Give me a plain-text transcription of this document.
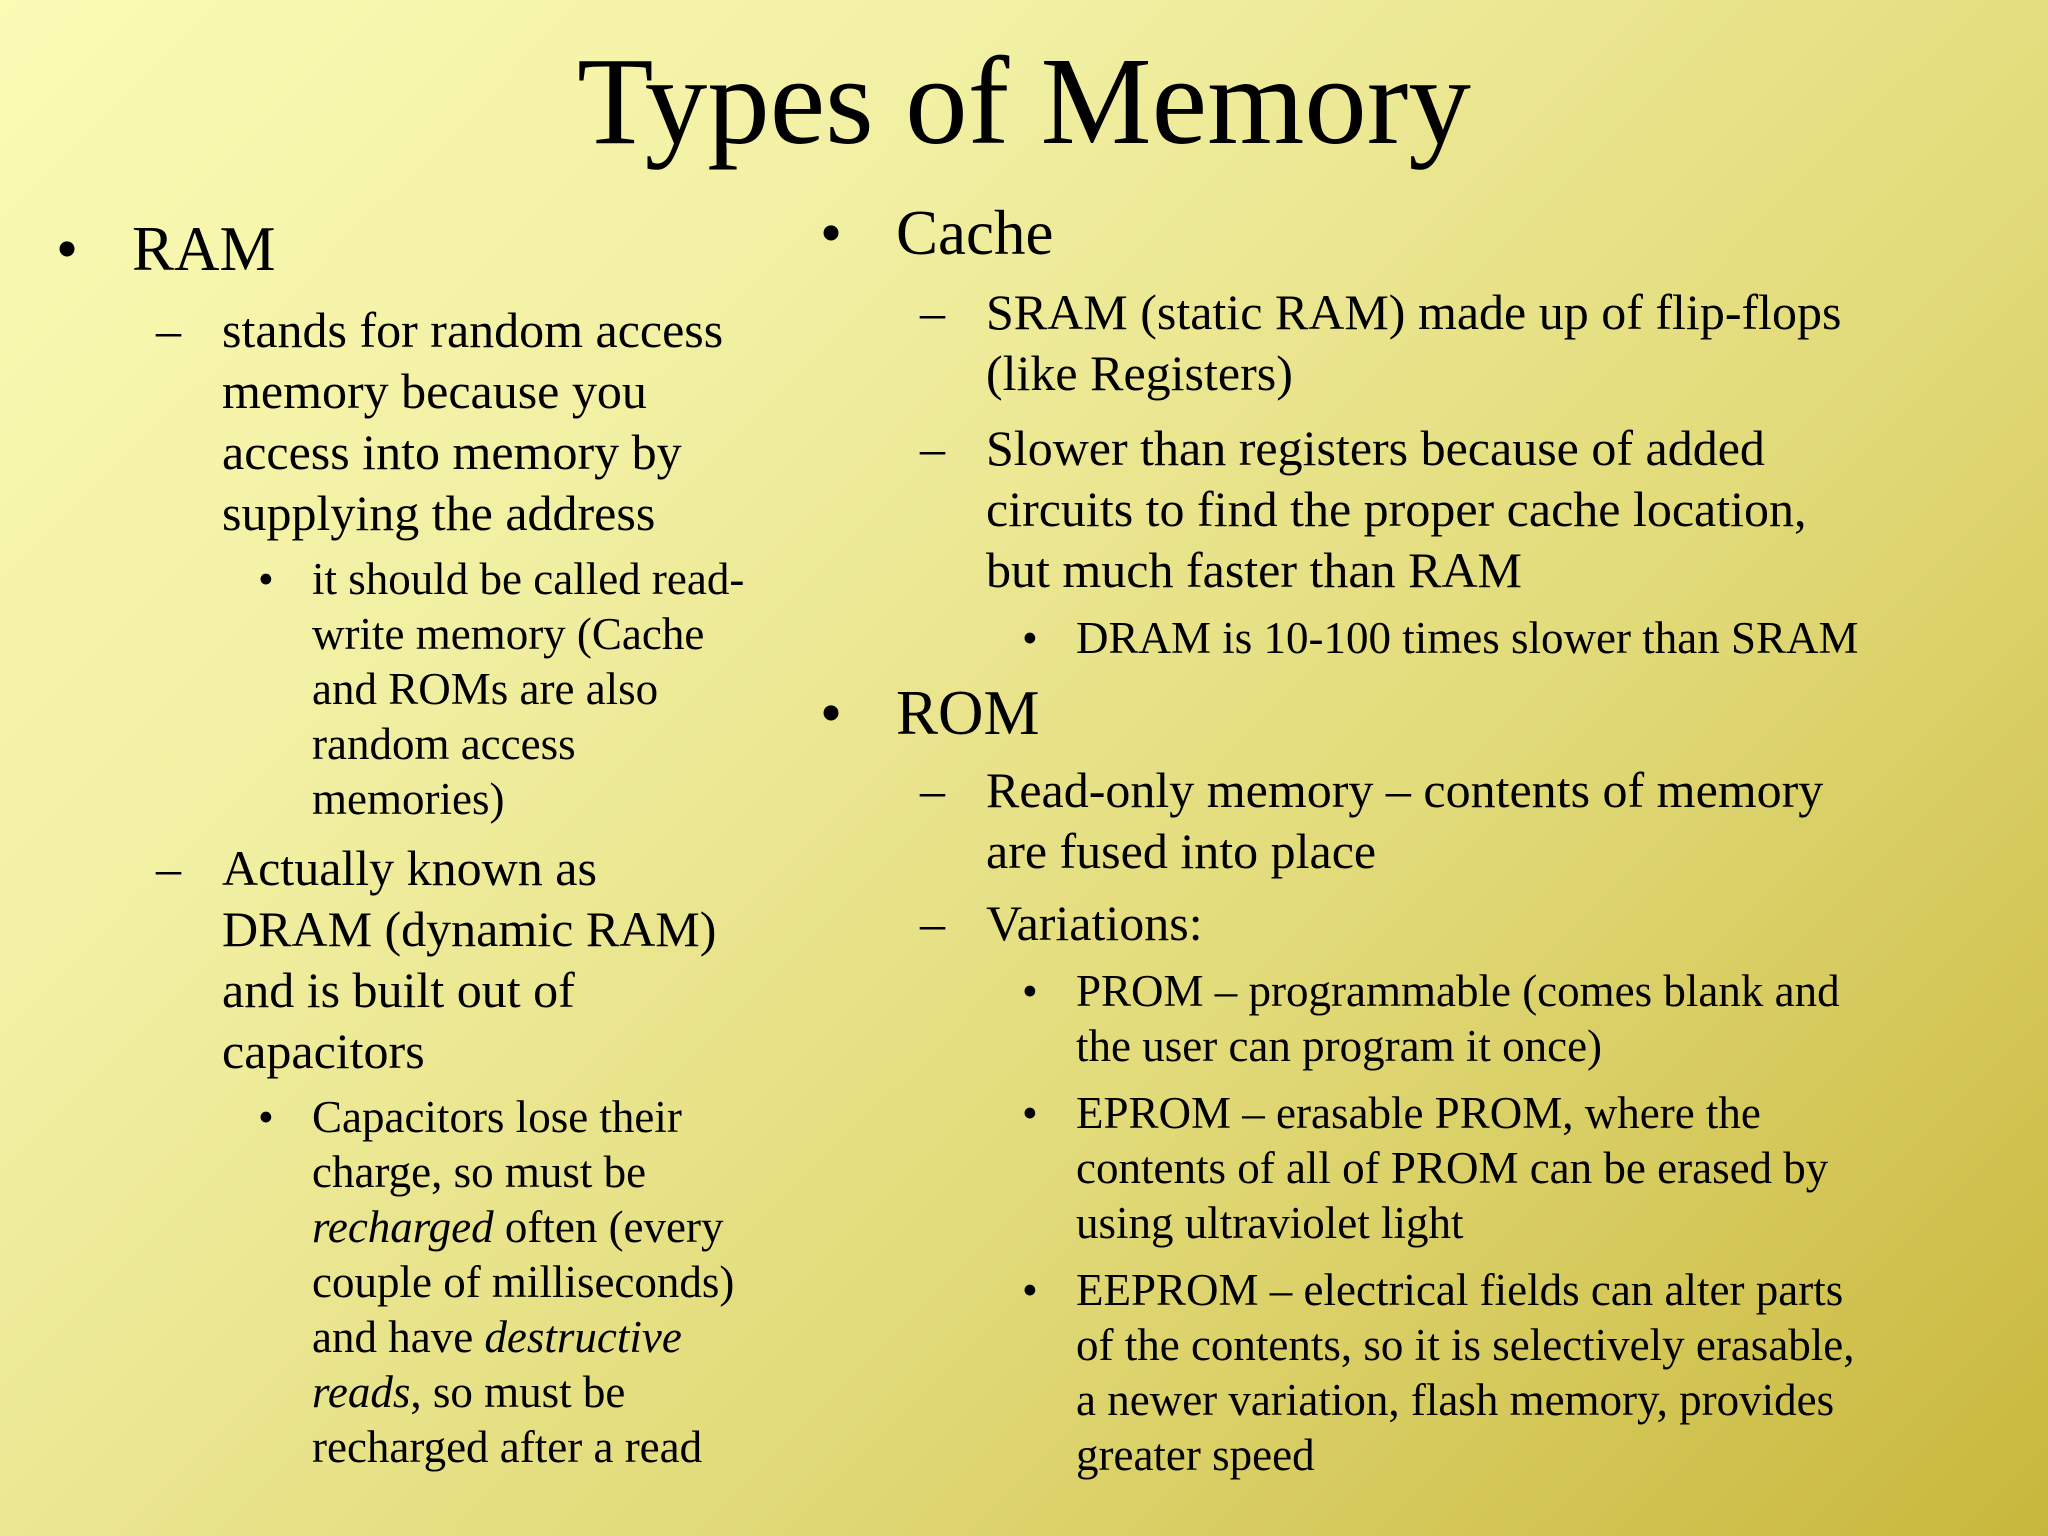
Types of Memory
• RAM
– stands for random access
memory because you
access into memory by
supplying the address
• it should be called read-
write memory (Cache
and ROMs are also
random access
memories)
– Actually known as
DRAM (dynamic RAM)
and is built out of
capacitors
• Capacitors lose their
charge, so must be
recharged often (every
couple of milliseconds)
and have destructive
reads, so must be
recharged after a read
• Cache
– SRAM (static RAM) made up of flip-flops
(like Registers)
– Slower than registers because of added
circuits to find the proper cache location,
but much faster than RAM
• DRAM is 10-100 times slower than SRAM
• ROM
– Read-only memory – contents of memory
are fused into place
– Variations:
• PROM – programmable (comes blank and
the user can program it once)
• EPROM – erasable PROM, where the
contents of all of PROM can be erased by
using ultraviolet light
• EEPROM – electrical fields can alter parts
of the contents, so it is selectively erasable,
a newer variation, flash memory, provides
greater speed
